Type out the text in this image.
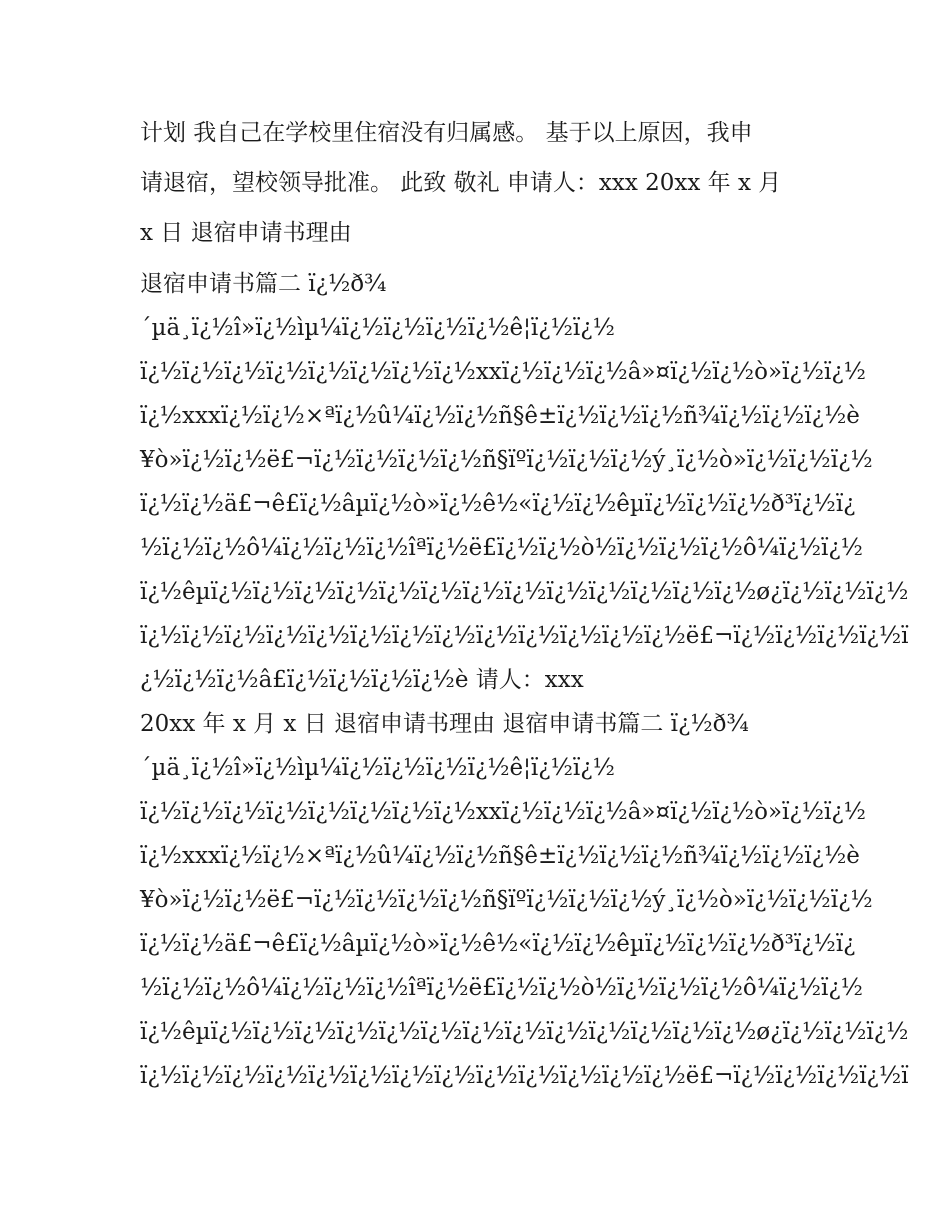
计划 我自己在学校里住宿没有归属感。 基于以上原因，我申
请退宿，望校领导批准。 此致 敬礼 申请人：xxx 20xx 年 x 月
x 日 退宿申请书理由
退宿申请书篇二 ï¿½ð¾
´µä¸ï¿½î»ï¿½ìµ¼ï¿½ï¿½ï¿½ï¿½ê¦ï¿½ï¿½
ï¿½ï¿½ï¿½ï¿½ï¿½ï¿½ï¿½ï¿½xxï¿½ï¿½ï¿½â»¤ï¿½ï¿½ò»ï¿½ï¿½
ï¿½xxxï¿½ï¿½×ªï¿½û¼ï¿½ï¿½ñ§ê±ï¿½ï¿½ï¿½ñ¾ï¿½ï¿½ï¿½è
¥ò»ï¿½ï¿½ë£¬ï¿½ï¿½ï¿½ï¿½ñ§ïºï¿½ï¿½ï¿½ý¸ï¿½ò»ï¿½ï¿½ï¿½
ï¿½ï¿½ä£¬ê£ï¿½âµï¿½ò»ï¿½ê½«ï¿½ï¿½êµï¿½ï¿½ï¿½ð³ï¿½ï¿
½ï¿½ï¿½ô¼ï¿½ï¿½ï¿½îªï¿½ë£ï¿½ï¿½ò½ï¿½ï¿½ï¿½ô¼ï¿½ï¿½
ï¿½êµï¿½ï¿½ï¿½ï¿½ï¿½ï¿½ï¿½ï¿½ï¿½ï¿½ï¿½ï¿½ï¿½ø¿ï¿½ï¿½ï¿½
ï¿½ï¿½ï¿½ï¿½ï¿½ï¿½ï¿½ï¿½ï¿½ï¿½ï¿½ï¿½ï¿½ë£¬ï¿½ï¿½ï¿½ï¿½ï
¿½ï¿½ï¿½â£ï¿½ï¿½ï¿½ï¿½è 请人：xxx
20xx 年 x 月 x 日 退宿申请书理由 退宿申请书篇二 ï¿½ð¾
´µä¸ï¿½î»ï¿½ìµ¼ï¿½ï¿½ï¿½ï¿½ê¦ï¿½ï¿½
ï¿½ï¿½ï¿½ï¿½ï¿½ï¿½ï¿½ï¿½xxï¿½ï¿½ï¿½â»¤ï¿½ï¿½ò»ï¿½ï¿½
ï¿½xxxï¿½ï¿½×ªï¿½û¼ï¿½ï¿½ñ§ê±ï¿½ï¿½ï¿½ñ¾ï¿½ï¿½ï¿½è
¥ò»ï¿½ï¿½ë£¬ï¿½ï¿½ï¿½ï¿½ñ§ïºï¿½ï¿½ï¿½ý¸ï¿½ò»ï¿½ï¿½ï¿½
ï¿½ï¿½ä£¬ê£ï¿½âµï¿½ò»ï¿½ê½«ï¿½ï¿½êµï¿½ï¿½ï¿½ð³ï¿½ï¿
½ï¿½ï¿½ô¼ï¿½ï¿½ï¿½îªï¿½ë£ï¿½ï¿½ò½ï¿½ï¿½ï¿½ô¼ï¿½ï¿½
ï¿½êµï¿½ï¿½ï¿½ï¿½ï¿½ï¿½ï¿½ï¿½ï¿½ï¿½ï¿½ï¿½ï¿½ø¿ï¿½ï¿½ï¿½
ï¿½ï¿½ï¿½ï¿½ï¿½ï¿½ï¿½ï¿½ï¿½ï¿½ï¿½ï¿½ï¿½ë£¬ï¿½ï¿½ï¿½ï¿½ï
